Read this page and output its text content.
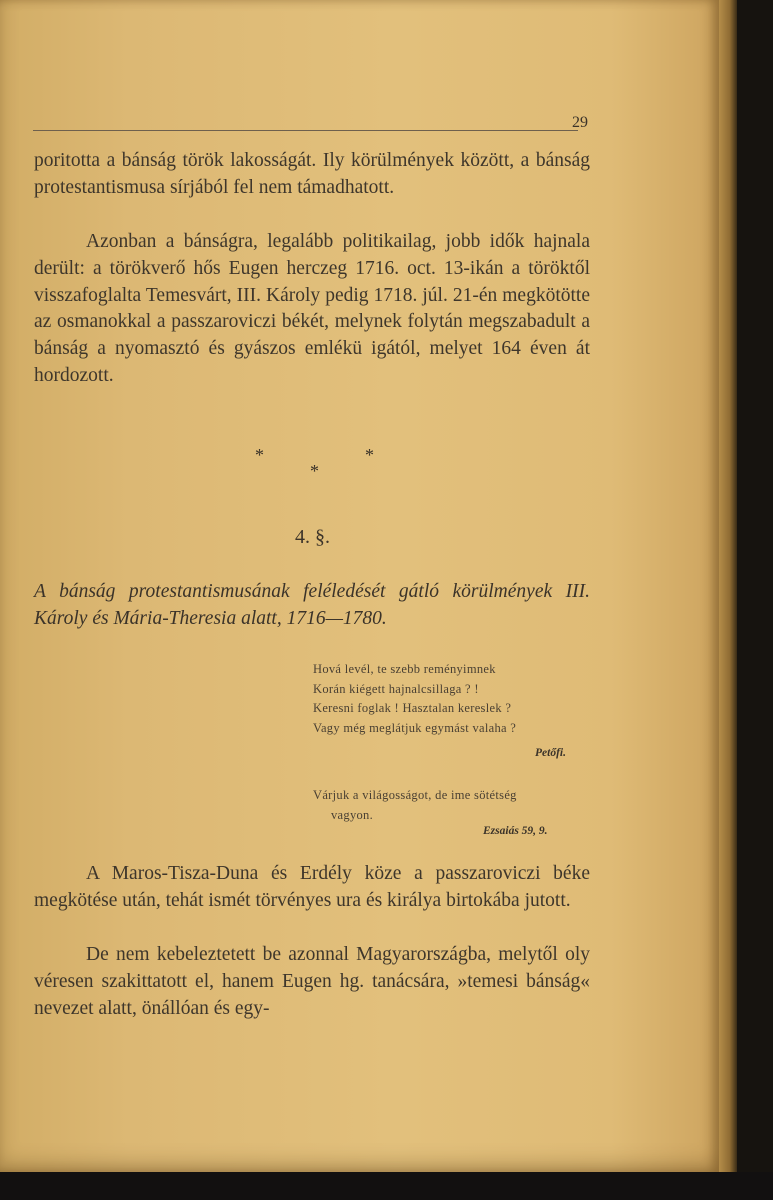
29

poritotta a bánság török lakosságát. Ily körülmények között, a bánság protestantismusa sírjából fel nem támadhatott.

Azonban a bánságra, legalább politikailag, jobb idők hajnala derült: a törökverő hős Eugen herczeg 1716. oct. 13-ikán a töröktől visszafoglalta Temesvárt, III. Károly pedig 1718. júl. 21-én megkötötte az osmanokkal a passzaroviczi békét, melynek folytán megszabadult a bánság a nyomasztó és gyászos emlékü igától, melyet 164 éven át hordozott.

*	*
*
4. §.

A bánság protestantismusának feléledését gátló körülmények III. Károly és Mária-Theresia alatt, 1716—1780.

Hová levél, te szebb reményimnek
Korán kiégett hajnalcsillaga ? !
Keresni foglak ! Hasztalan kereslek ?
Vagy még meglátjuk egymást valaha ?
Petőfi.
Várjuk a világosságot, de ime sötétség
vagyon.
Ezsaiás 59, 9.

A Maros-Tisza-Duna és Erdély köze a passzaroviczi béke megkötése után, tehát ismét törvényes ura és királya birtokába jutott.

De nem kebeleztetett be azonnal Magyarországba, melytől oly véresen szakittatott el, hanem Eugen hg. tanácsára, »temesi bánság« nevezet alatt, önállóan és egy-
